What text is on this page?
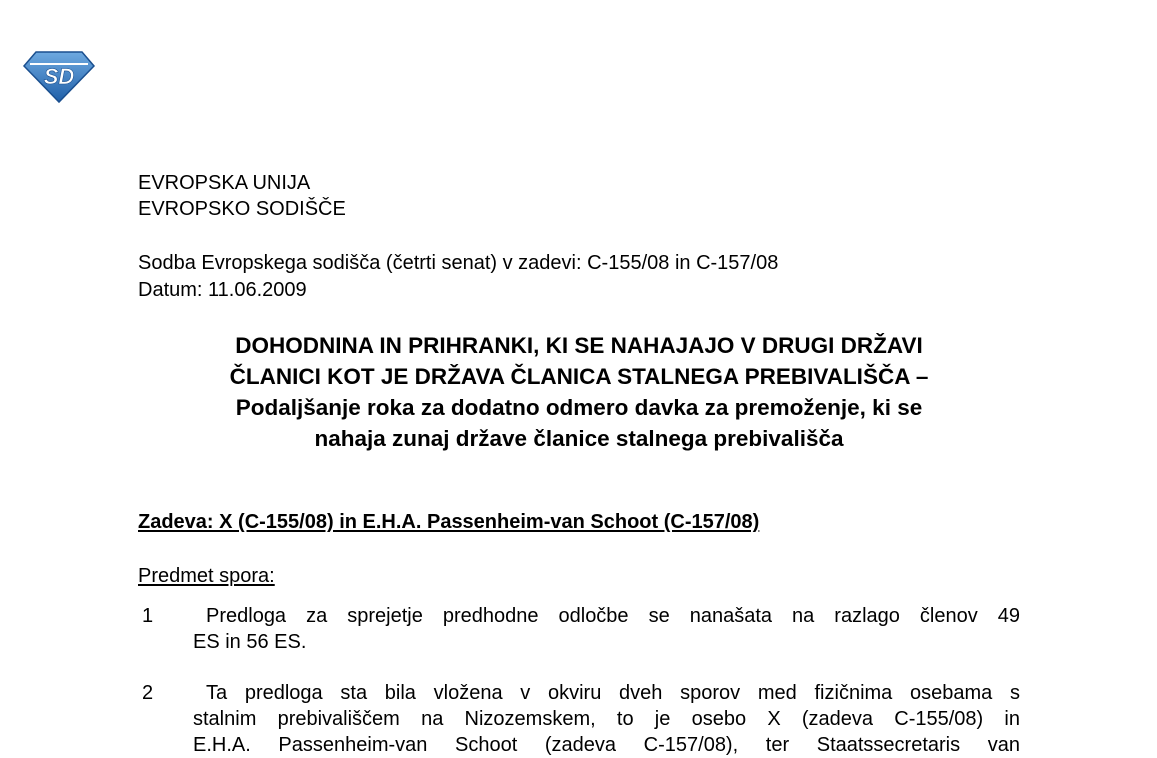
SD
EVROPSKA UNIJA
EVROPSKO SODIŠČE
Sodba Evropskega sodišča (četrti senat) v zadevi: C-155/08 in C-157/08
Datum: 11.06.2009
DOHODNINA IN PRIHRANKI, KI SE NAHAJAJO V DRUGI DRŽAVI
ČLANICI KOT JE DRŽAVA ČLANICA STALNEGA PREBIVALIŠČA –
Podaljšanje roka za dodatno odmero davka za premoženje, ki se
nahaja zunaj države članice stalnega prebivališča
Zadeva: X (C-155/08) in E.H.A. Passenheim-van Schoot (C-157/08)
Predmet spora:
1	Predloga za sprejetje predhodne odločbe se nanašata na razlago členov 49
ES in 56 ES.
2	Ta predloga sta bila vložena v okviru dveh sporov med fizičnima osebama s
stalnim prebivališčem na Nizozemskem, to je osebo X (zadeva C-155/08) in
E.H.A. Passenheim-van Schoot (zadeva C-157/08), ter Staatssecretaris van
